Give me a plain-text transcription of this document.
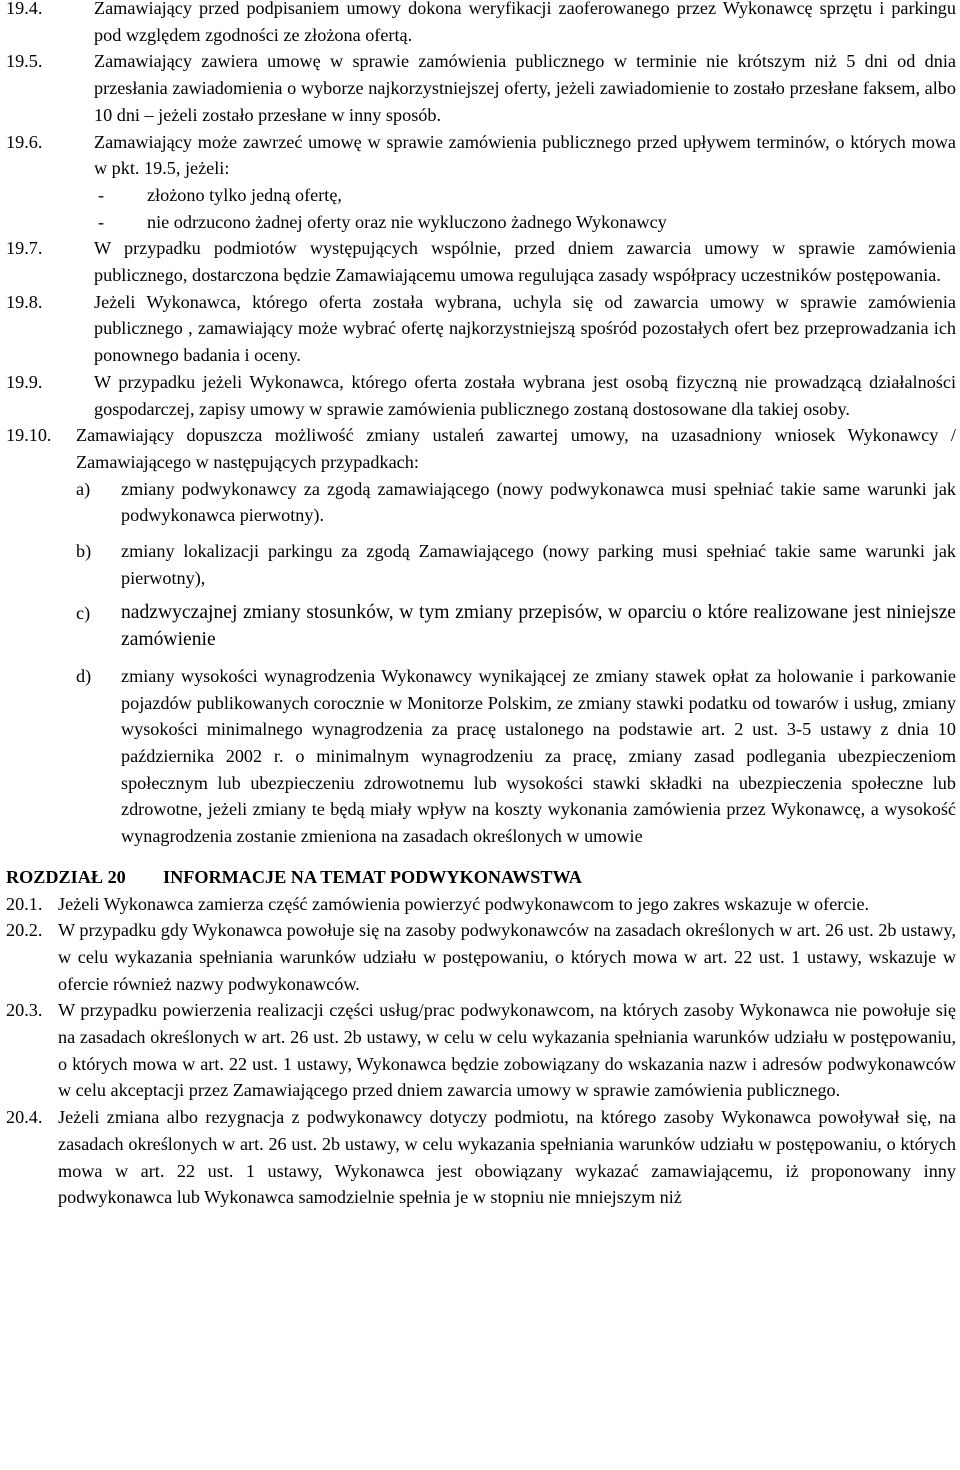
19.4.	Zamawiający przed podpisaniem umowy dokona weryfikacji zaoferowanego przez Wykonawcę sprzętu i parkingu pod względem zgodności ze złożona ofertą.
19.5.	Zamawiający zawiera umowę w sprawie zamówienia publicznego w terminie nie krótszym niż 5 dni od dnia przesłania zawiadomienia o wyborze najkorzystniejszej oferty, jeżeli zawiadomienie to zostało przesłane faksem, albo 10 dni – jeżeli zostało przesłane w inny sposób.
19.6.	Zamawiający może zawrzeć umowę w sprawie zamówienia publicznego przed upływem terminów, o których mowa w pkt. 19.5, jeżeli:
-	złożono tylko jedną ofertę,
-	nie odrzucono żadnej oferty oraz nie wykluczono żadnego Wykonawcy
19.7.	W przypadku podmiotów występujących wspólnie, przed dniem zawarcia umowy w sprawie zamówienia publicznego, dostarczona będzie Zamawiającemu umowa regulująca zasady współpracy uczestników postępowania.
19.8.	Jeżeli Wykonawca, którego oferta została wybrana, uchyla się od zawarcia umowy w sprawie zamówienia publicznego , zamawiający może wybrać ofertę najkorzystniejszą spośród pozostałych ofert bez przeprowadzania ich ponownego badania i oceny.
19.9.	W przypadku jeżeli Wykonawca, którego oferta została wybrana jest osobą fizyczną nie prowadzącą działalności gospodarczej, zapisy umowy w sprawie zamówienia publicznego zostaną dostosowane dla takiej osoby.
19.10.	Zamawiający dopuszcza możliwość zmiany ustaleń zawartej umowy, na uzasadniony wniosek Wykonawcy / Zamawiającego w następujących przypadkach:
a)	zmiany podwykonawcy za zgodą zamawiającego (nowy podwykonawca musi spełniać takie same warunki jak podwykonawca pierwotny).
b)	zmiany lokalizacji parkingu za zgodą Zamawiającego (nowy parking musi spełniać takie same warunki jak pierwotny),
c)	nadzwyczajnej zmiany stosunków, w tym zmiany przepisów, w oparciu o które realizowane jest niniejsze zamówienie
d)	zmiany wysokości wynagrodzenia Wykonawcy wynikającej ze zmiany stawek opłat za holowanie i parkowanie pojazdów publikowanych corocznie w Monitorze Polskim, ze zmiany stawki podatku od towarów i usług, zmiany wysokości minimalnego wynagrodzenia za pracę ustalonego na podstawie art. 2 ust. 3-5 ustawy z dnia 10 października 2002 r. o minimalnym wynagrodzeniu za pracę, zmiany zasad podlegania ubezpieczeniom społecznym lub ubezpieczeniu zdrowotnemu lub wysokości stawki składki na ubezpieczenia społeczne lub zdrowotne, jeżeli zmiany te będą miały wpływ na koszty wykonania zamówienia przez Wykonawcę, a wysokość wynagrodzenia zostanie zmieniona na zasadach określonych w umowie
ROZDZIAŁ 20 INFORMACJE NA TEMAT PODWYKONAWSTWA
20.1. Jeżeli Wykonawca zamierza część zamówienia powierzyć podwykonawcom to jego zakres wskazuje w ofercie.
20.2. W przypadku gdy Wykonawca powołuje się na zasoby podwykonawców na zasadach określonych w art. 26 ust. 2b ustawy, w celu wykazania spełniania warunków udziału w postępowaniu, o których mowa w art. 22 ust. 1 ustawy, wskazuje w ofercie również nazwy podwykonawców.
20.3. W przypadku powierzenia realizacji części usług/prac podwykonawcom, na których zasoby Wykonawca nie powołuje się na zasadach określonych w art. 26 ust. 2b ustawy, w celu w celu wykazania spełniania warunków udziału w postępowaniu, o których mowa w art. 22 ust. 1 ustawy, Wykonawca będzie zobowiązany do wskazania nazw i adresów podwykonawców w celu akceptacji przez Zamawiającego przed dniem zawarcia umowy w sprawie zamówienia publicznego.
20.4. Jeżeli zmiana albo rezygnacja z podwykonawcy dotyczy podmiotu, na którego zasoby Wykonawca powoływał się, na zasadach określonych w art. 26 ust. 2b ustawy, w celu wykazania spełniania warunków udziału w postępowaniu, o których mowa w art. 22 ust. 1 ustawy, Wykonawca jest obowiązany wykazać zamawiającemu, iż proponowany inny podwykonawca lub Wykonawca samodzielnie spełnia je w stopniu nie mniejszym niż
